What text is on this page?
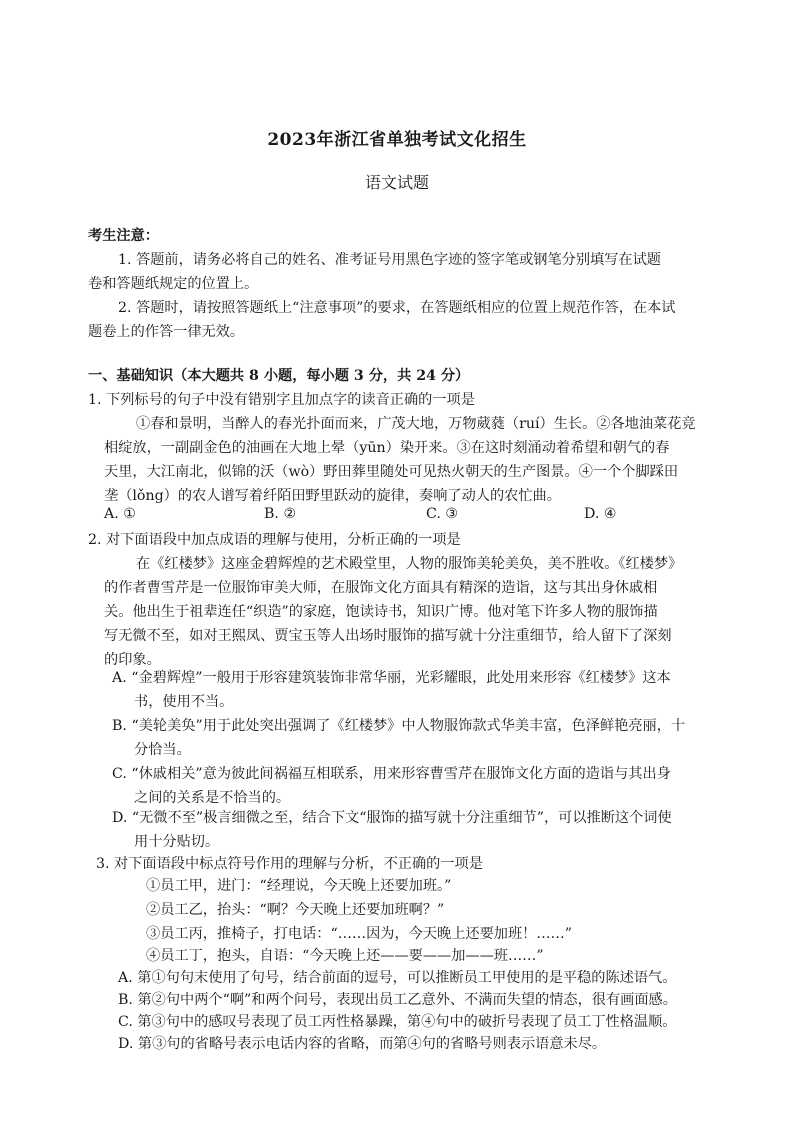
2023年浙江省单独考试文化招生
语文试题
考生注意：
1. 答题前，请务必将自己的姓名、准考证号用黑色字迹的签字笔或钢笔分别填写在试题
卷和答题纸规定的位置上。
2. 答题时，请按照答题纸上“注意事项”的要求，在答题纸相应的位置上规范作答，在本试
题卷上的作答一律无效。
一、基础知识（本大题共 8 小题，每小题 3 分，共 24 分）
1. 下列标号的句子中没有错别字且加点字的读音正确的一项是
①春和景明，当醉人的春光扑面而来，广茂大地，万物葳蕤（ruí）生长。②各地油菜花竞
相绽放，一副副金色的油画在大地上晕（yūn）染开来。③在这时刻涌动着希望和朝气的春
天里，大江南北，似锦的沃（wò）野田葬里随处可见热火朝天的生产图景。④一个个脚踩田
垄（lǒng）的农人谱写着纤陌田野里跃动的旋律，奏响了动人的农忙曲。
A. ①	B. ②	C. ③	D. ④
2. 对下面语段中加点成语的理解与使用，分析正确的一项是
在《红楼梦》这座金碧辉煌的艺术殿堂里，人物的服饰美轮美奂，美不胜收。《红楼梦》
的作者曹雪芹是一位服饰审美大师，在服饰文化方面具有精深的造诣，这与其出身休戚相
关。他出生于祖辈连任“织造”的家庭，饱读诗书，知识广博。他对笔下许多人物的服饰描
写无微不至，如对王熙凤、贾宝玉等人出场时服饰的描写就十分注重细节，给人留下了深刻
的印象。
A. “金碧辉煌”一般用于形容建筑装饰非常华丽，光彩耀眼，此处用来形容《红楼梦》这本
书，使用不当。
B. “美轮美奂”用于此处突出强调了《红楼梦》中人物服饰款式华美丰富，色泽鲜艳亮丽，十
分恰当。
C. “休戚相关”意为彼此间祸福互相联系，用来形容曹雪芹在服饰文化方面的造诣与其出身
之间的关系是不恰当的。
D. “无微不至”极言细微之至，结合下文“服饰的描写就十分注重细节”，可以推断这个词使
用十分贴切。
3. 对下面语段中标点符号作用的理解与分析，不正确的一项是
①员工甲，进门：“经理说，今天晚上还要加班。”
②员工乙，抬头：“啊？今天晚上还要加班啊？”
③员工丙，推椅子，打电话：“……因为，今天晚上还要加班！……”
④员工丁，抱头，自语：“今天晚上还——要——加——班……”
A. 第①句句末使用了句号，结合前面的逗号，可以推断员工甲使用的是平稳的陈述语气。
B. 第②句中两个“啊”和两个问号，表现出员工乙意外、不满而失望的情态，很有画面感。
C. 第③句中的感叹号表现了员工丙性格暴躁，第④句中的破折号表现了员工丁性格温顺。
D. 第③句的省略号表示电话内容的省略，而第④句的省略号则表示语意未尽。
